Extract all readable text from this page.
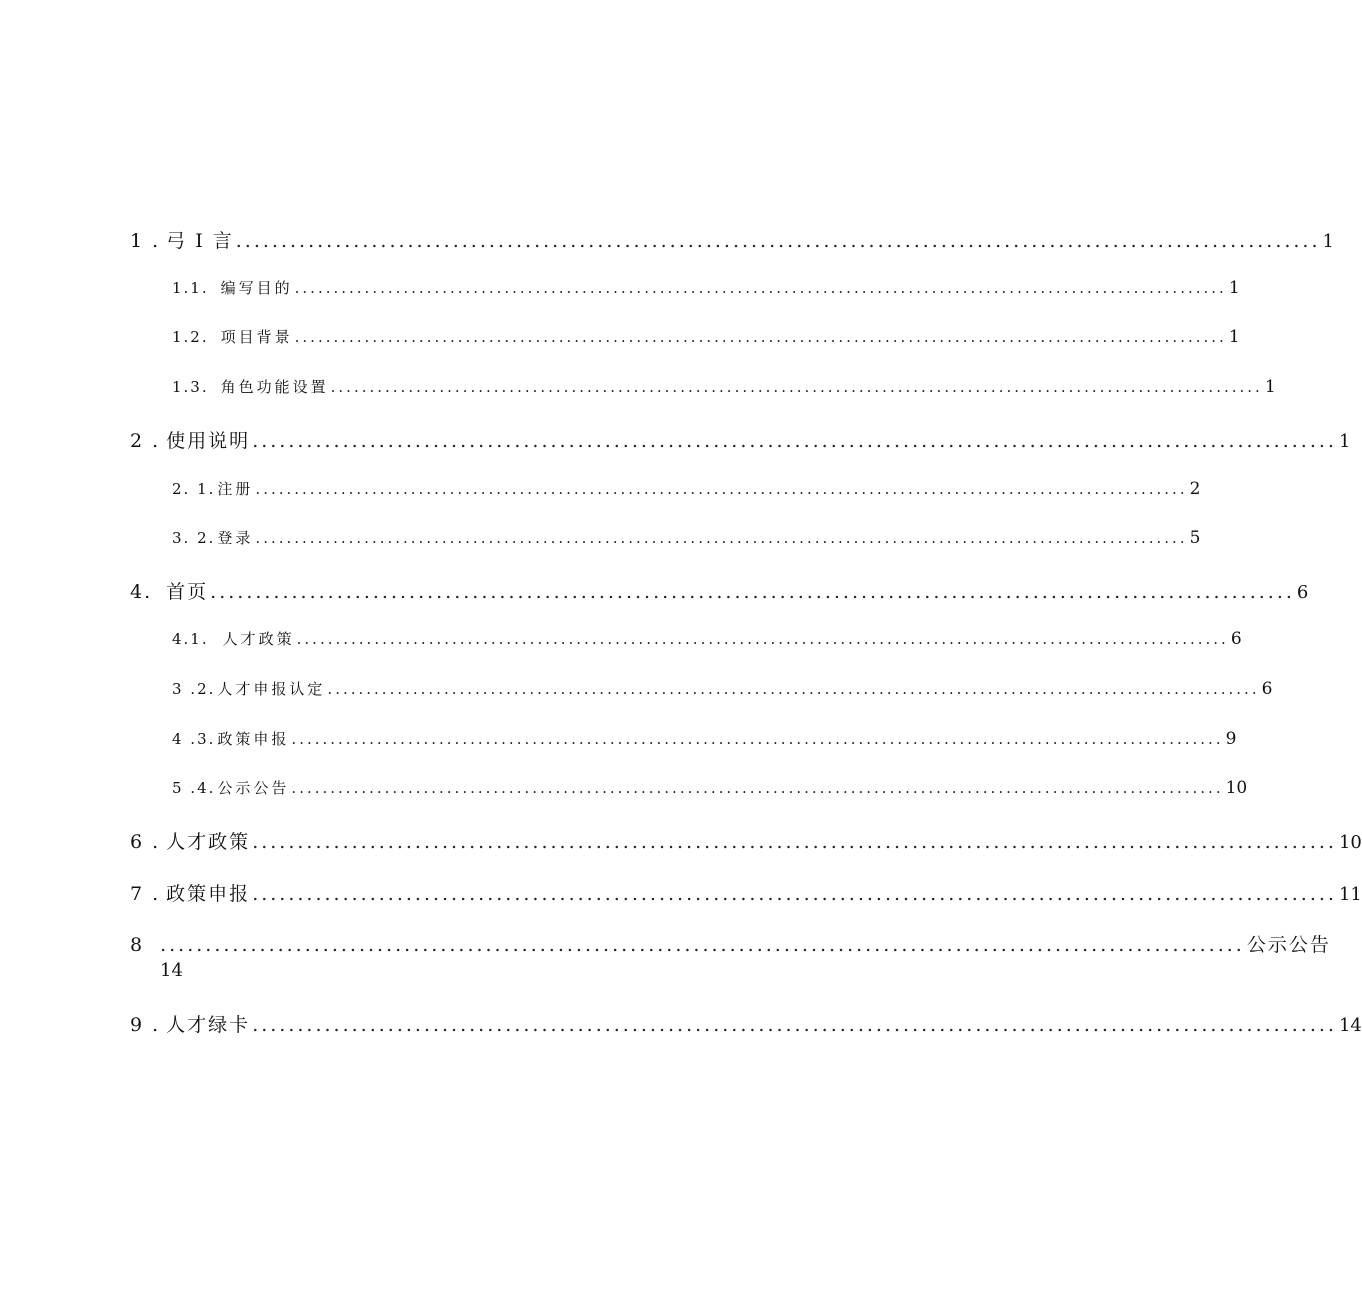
1 . 弓 I 言 ........................................................................................................................ 1
1.1. 编写目的 ........................................................................................................................ 1
1.2. 项目背景 ........................................................................................................................ 1
1.3. 角色功能设置 ........................................................................................................................ 1
2 . 使用说明 ........................................................................................................................ 1
2. 1. 注册 ........................................................................................................................ 2
3. 2. 登录 ........................................................................................................................ 5
4. 首页 ........................................................................................................................ 6
4.1. 人才政策 ........................................................................................................................ 6
3 .2. 人才申报认定 ........................................................................................................................ 6
4 .3. 政策申报 ........................................................................................................................ 9
5 .4. 公示公告 ........................................................................................................................ 10
6 . 人才政策 ........................................................................................................................ 10
7 . 政策申报 ........................................................................................................................ 11
8 ........................................................................................................................ 公示公告
14
9 . 人才绿卡 ........................................................................................................................ 14
